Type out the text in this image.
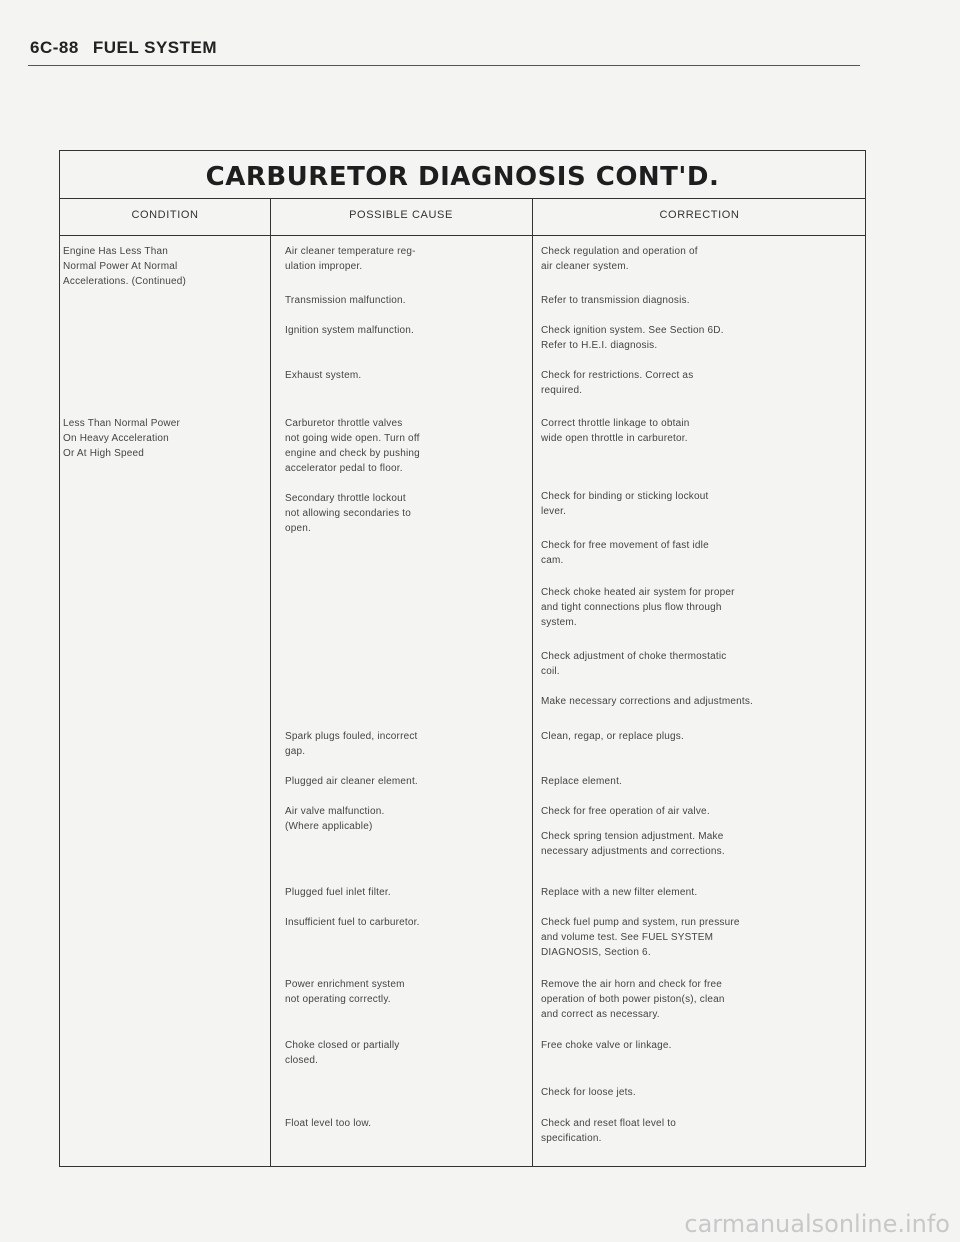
6C-88 FUEL SYSTEM
CARBURETOR DIAGNOSIS CONT'D.
CONDITION	POSSIBLE CAUSE	CORRECTION
Engine Has Less Than
Normal Power At Normal
Accelerations. (Continued)
Less Than Normal Power
On Heavy Acceleration
Or At High Speed
Air cleaner temperature reg-
ulation improper.
Transmission malfunction.
Ignition system malfunction.
Exhaust system.
Carburetor throttle valves
not going wide open. Turn off
engine and check by pushing
accelerator pedal to floor.
Secondary throttle lockout
not allowing secondaries to
open.
Spark plugs fouled, incorrect
gap.
Plugged air cleaner element.
Air valve malfunction.
(Where applicable)
Plugged fuel inlet filter.
Insufficient fuel to carburetor.
Power enrichment system
not operating correctly.
Choke closed or partially
closed.
Float level too low.
Check regulation and operation of
air cleaner system.
Refer to transmission diagnosis.
Check ignition system. See Section 6D.
Refer to H.E.I. diagnosis.
Check for restrictions. Correct as
required.
Correct throttle linkage to obtain
wide open throttle in carburetor.
Check for binding or sticking lockout
lever.
Check for free movement of fast idle
cam.
Check choke heated air system for proper
and tight connections plus flow through
system.
Check adjustment of choke thermostatic
coil.
Make necessary corrections and adjustments.
Clean, regap, or replace plugs.
Replace element.
Check for free operation of air valve.
Check spring tension adjustment. Make
necessary adjustments and corrections.
Replace with a new filter element.
Check fuel pump and system, run pressure
and volume test. See FUEL SYSTEM
DIAGNOSIS, Section 6.
Remove the air horn and check for free
operation of both power piston(s), clean
and correct as necessary.
Free choke valve or linkage.
Check for loose jets.
Check and reset float level to
specification.
carmanualsonline.info
